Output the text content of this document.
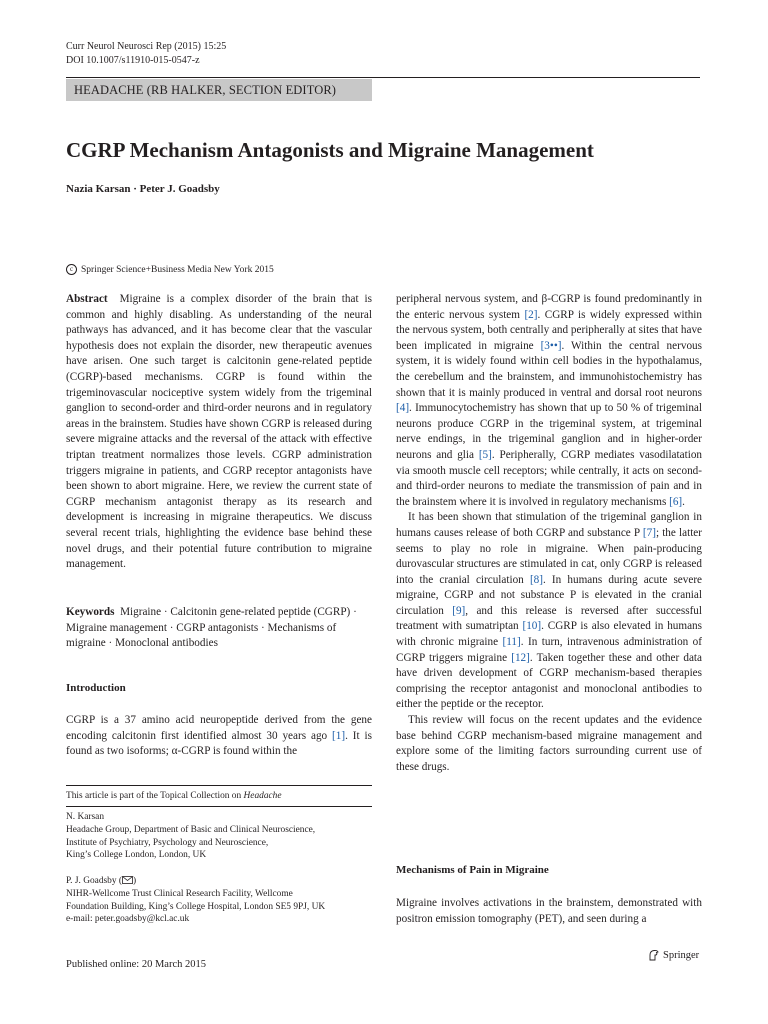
Curr Neurol Neurosci Rep (2015) 15:25
DOI 10.1007/s11910-015-0547-z
HEADACHE (RB HALKER, SECTION EDITOR)
CGRP Mechanism Antagonists and Migraine Management
Nazia Karsan · Peter J. Goadsby
c Springer Science+Business Media New York 2015

Abstract Migraine is a complex disorder of the brain that is common and highly disabling. As understanding of the neural pathways has advanced, and it has become clear that the vascular hypothesis does not explain the disorder, new therapeutic avenues have arisen. One such target is calcitonin gene-related peptide (CGRP)-based mechanisms. CGRP is found within the trigeminovascular nociceptive system widely from the trigeminal ganglion to second-order and third-order neurons and in regulatory areas in the brainstem. Studies have shown CGRP is released during severe migraine attacks and the reversal of the attack with effective triptan treatment normalizes those levels. CGRP administration triggers migraine in patients, and CGRP receptor antagonists have been shown to abort migraine. Here, we review the current state of CGRP mechanism antagonist therapy as its research and development is increasing in migraine therapeutics. We discuss several recent trials, highlighting the evidence base behind these novel drugs, and their potential future contribution to migraine management.

Keywords Migraine · Calcitonin gene-related peptide (CGRP) · Migraine management · CGRP antagonists · Mechanisms of migraine · Monoclonal antibodies

Introduction

CGRP is a 37 amino acid neuropeptide derived from the gene encoding calcitonin first identified almost 30 years ago [1]. It is found as two isoforms; α-CGRP is found within the

This article is part of the Topical Collection on Headache
N. Karsan
Headache Group, Department of Basic and Clinical Neuroscience,
Institute of Psychiatry, Psychology and Neuroscience,
King’s College London, London, UK
P. J. Goadsby ( )
NIHR-Wellcome Trust Clinical Research Facility, Wellcome
Foundation Building, King’s College Hospital, London SE5 9PJ, UK
e-mail: peter.goadsby@kcl.ac.uk
Published online: 20 March 2015

peripheral nervous system, and β-CGRP is found predominantly in the enteric nervous system [2]. CGRP is widely expressed within the nervous system, both centrally and peripherally at sites that have been implicated in migraine [3••]. Within the central nervous system, it is widely found within cell bodies in the hypothalamus, the cerebellum and the brainstem, and immunohistochemistry has shown that it is mainly produced in ventral and dorsal root neurons [4]. Immunocytochemistry has shown that up to 50 % of trigeminal neurons produce CGRP in the trigeminal system, at trigeminal nerve endings, in the trigeminal ganglion and in higher-order neurons and glia [5]. Peripherally, CGRP mediates vasodilatation via smooth muscle cell receptors; while centrally, it acts on second- and third-order neurons to mediate the transmission of pain and in the brainstem where it is involved in regulatory mechanisms [6].

It has been shown that stimulation of the trigeminal ganglion in humans causes release of both CGRP and substance P [7]; the latter seems to play no role in migraine. When pain-producing durovascular structures are stimulated in cat, only CGRP is released into the cranial circulation [8]. In humans during acute severe migraine, CGRP and not substance P is elevated in the cranial circulation [9], and this release is reversed after successful treatment with sumatriptan [10]. CGRP is also elevated in humans with chronic migraine [11]. In turn, intravenous administration of CGRP triggers migraine [12]. Taken together these and other data have driven development of CGRP mechanism-based therapies comprising the receptor antagonist and monoclonal antibodies to either the peptide or the receptor.

This review will focus on the recent updates and the evidence base behind CGRP mechanism-based migraine management and explore some of the limiting factors surrounding current use of these drugs.

Mechanisms of Pain in Migraine

Migraine involves activations in the brainstem, demonstrated with positron emission tomography (PET), and seen during a

Springer
